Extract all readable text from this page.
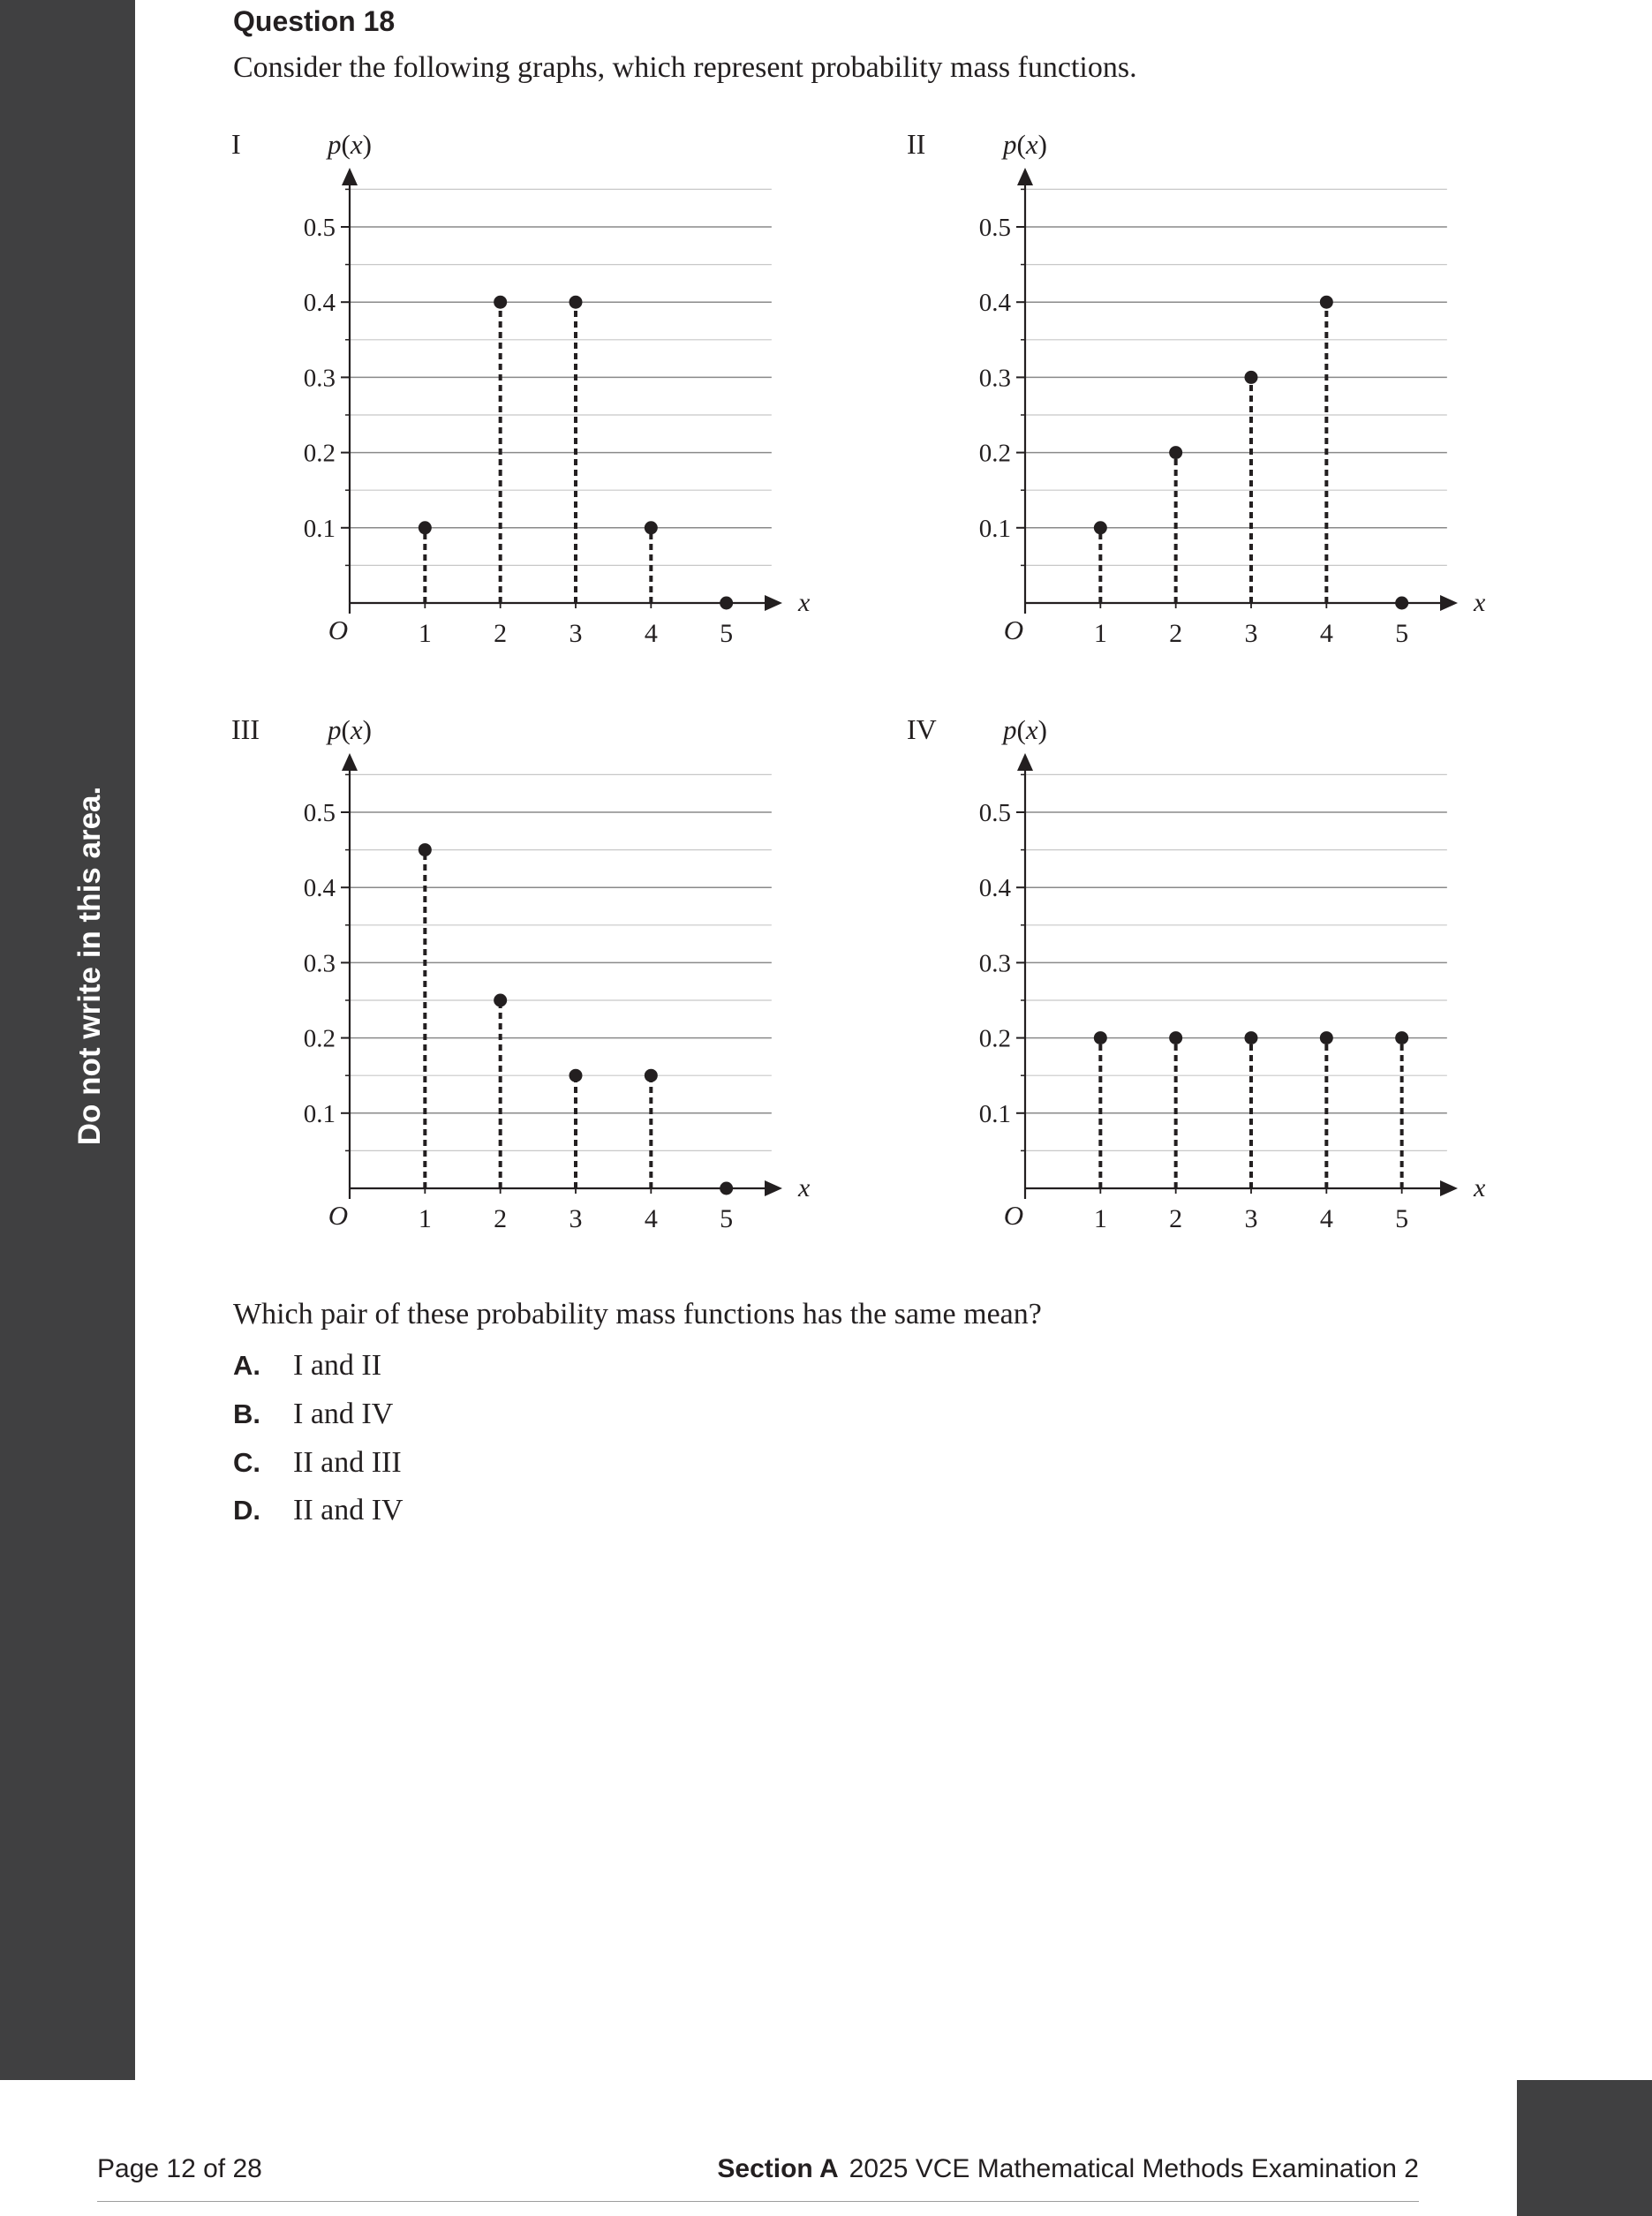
Do not write in this area.
Question 18

Consider the following graphs, which represent probability mass functions.

0.1
0.2
0.3
0.4
0.5
x
p(x)
I
O	1 2 3 4 5
0.1
0.2
0.3
0.4
0.5
x
p(x)
II
O	1 2 3 4 5
0.1
0.2
0.3
0.4
0.5
x
p(x)
III
O	1 2 3 4 5
0.1
0.2
0.3
0.4
0.5
x
p(x)
IV
O	1 2 3 4 5

Which pair of these probability mass functions has the same mean?

A. I and II
B. I and IV
C. II and III
D. II and IV
Page 12 of 28	Section A 2025 VCE Mathematical Methods Examination 2
